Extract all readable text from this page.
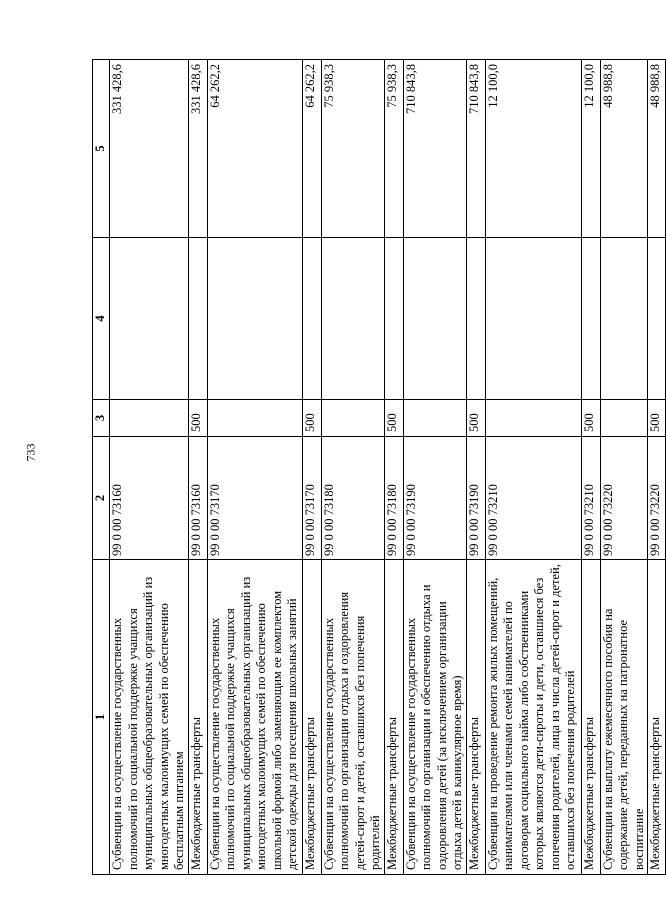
733
1	2	3	4	5
Субвенции на осуществление государственных полномочий по социальной поддержке учащихся муниципальных общеобразовательных организаций из многодетных малоимущих семей по обеспечению бесплатным питанием	99 0 00 73160			331 428,6
Межбюджетные трансферты	99 0 00 73160	500		331 428,6
Субвенции на осуществление государственных полномочий по социальной поддержке учащихся муниципальных общеобразовательных организаций из многодетных малоимущих семей по обеспечению школьной формой либо заменяющим ее комплектом детской одежды для посещения школьных занятий	99 0 00 73170			64 262,2
Межбюджетные трансферты	99 0 00 73170	500		64 262,2
Субвенции на осуществление государственных полномочий по организации отдыха и оздоровления детей-сирот и детей, оставшихся без попечения родителей	99 0 00 73180			75 938,3
Межбюджетные трансферты	99 0 00 73180	500		75 938,3
Субвенции на осуществление государственных полномочий по организации и обеспечению отдыха и оздоровления детей (за исключением организации отдыха детей в каникулярное время)	99 0 00 73190			710 843,8
Межбюджетные трансферты	99 0 00 73190	500		710 843,8
Субвенции на проведение ремонта жилых помещений, нанимателями или членами семей нанимателей по договорам социального найма либо собственниками которых являются дети-сироты и дети, оставшиеся без попечения родителей, лица из числа детей-сирот и детей, оставшихся без попечения родителей	99 0 00 73210			12 100,0
Межбюджетные трансферты	99 0 00 73210	500		12 100,0
Субвенции на выплату ежемесячного пособия на содержание детей, переданных на патронатное воспитание	99 0 00 73220			48 988,8
Межбюджетные трансферты	99 0 00 73220	500		48 988,8
